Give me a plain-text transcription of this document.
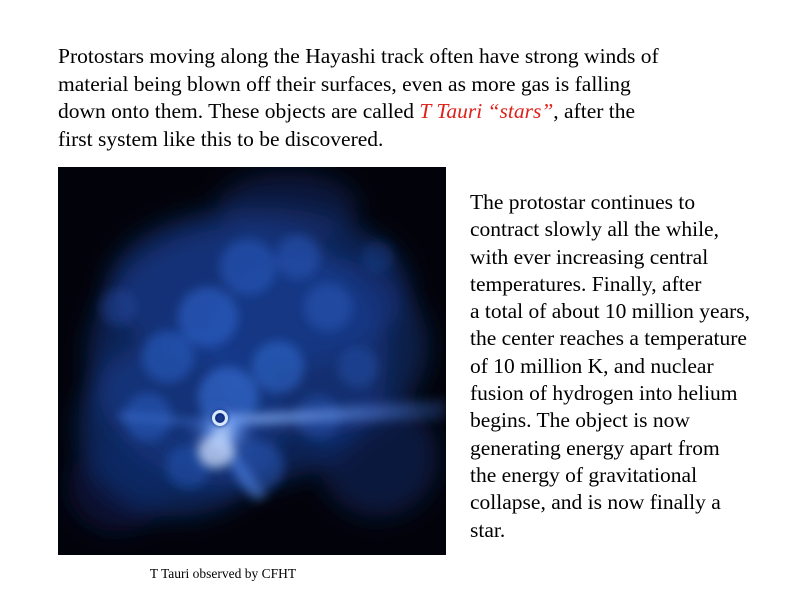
Protostars moving along the Hayashi track often have strong winds of
material being blown off their surfaces, even as more gas is falling
down onto them. These objects are called T Tauri “stars”, after the
first system like this to be discovered.
T Tauri observed by CFHT
The protostar continues to
contract slowly all the while,
with ever increasing central
temperatures. Finally, after
a total of about 10 million years,
the center reaches a temperature
of 10 million K, and nuclear
fusion of hydrogen into helium
begins. The object is now
generating energy apart from
the energy of gravitational
collapse, and is now finally a
star.
